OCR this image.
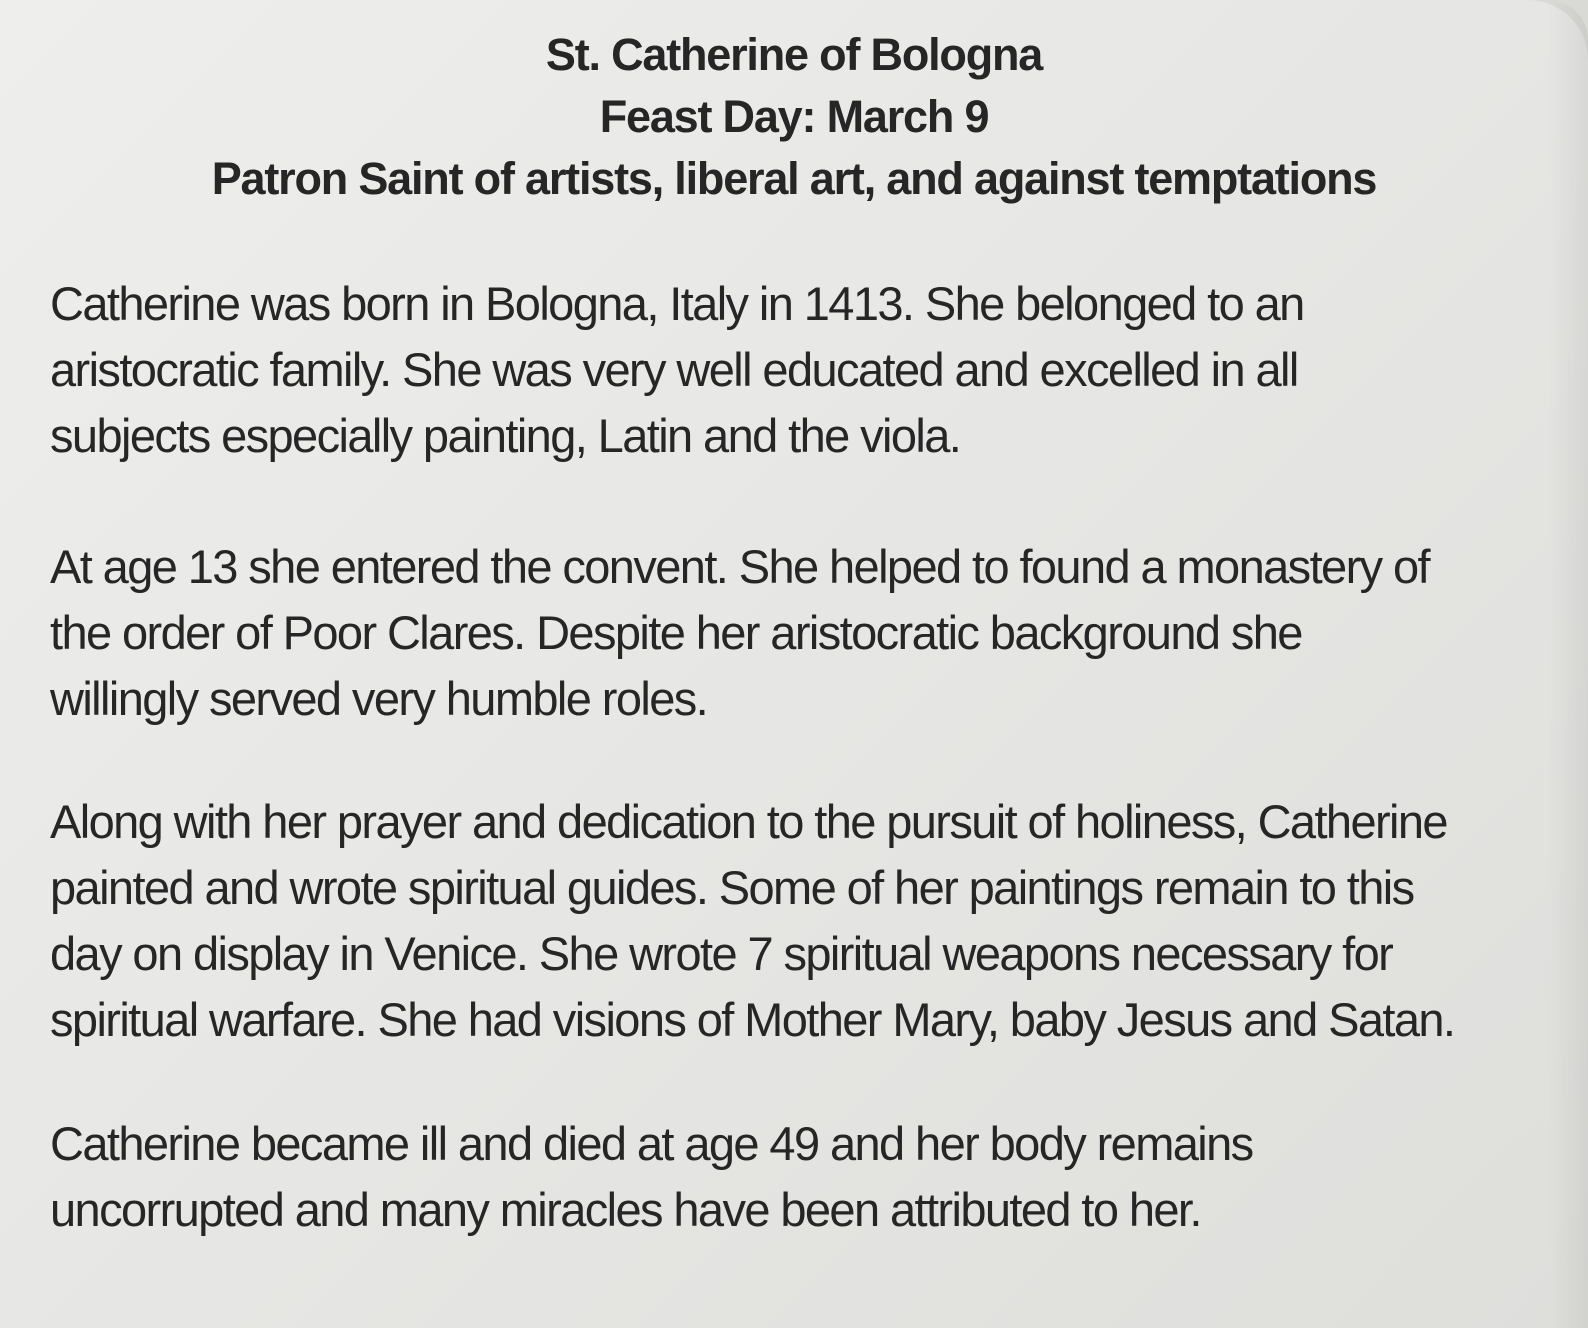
St. Catherine of Bologna
Feast Day: March 9
Patron Saint of artists, liberal art, and against temptations
Catherine was born in Bologna, Italy in 1413. She belonged to an
aristocratic family. She was very well educated and excelled in all
subjects especially painting, Latin and the viola.
At age 13 she entered the convent. She helped to found a monastery of
the order of Poor Clares. Despite her aristocratic background she
willingly served very humble roles.
Along with her prayer and dedication to the pursuit of holiness, Catherine
painted and wrote spiritual guides. Some of her paintings remain to this
day on display in Venice. She wrote 7 spiritual weapons necessary for
spiritual warfare. She had visions of Mother Mary, baby Jesus and Satan.
Catherine became ill and died at age 49 and her body remains
uncorrupted and many miracles have been attributed to her.
